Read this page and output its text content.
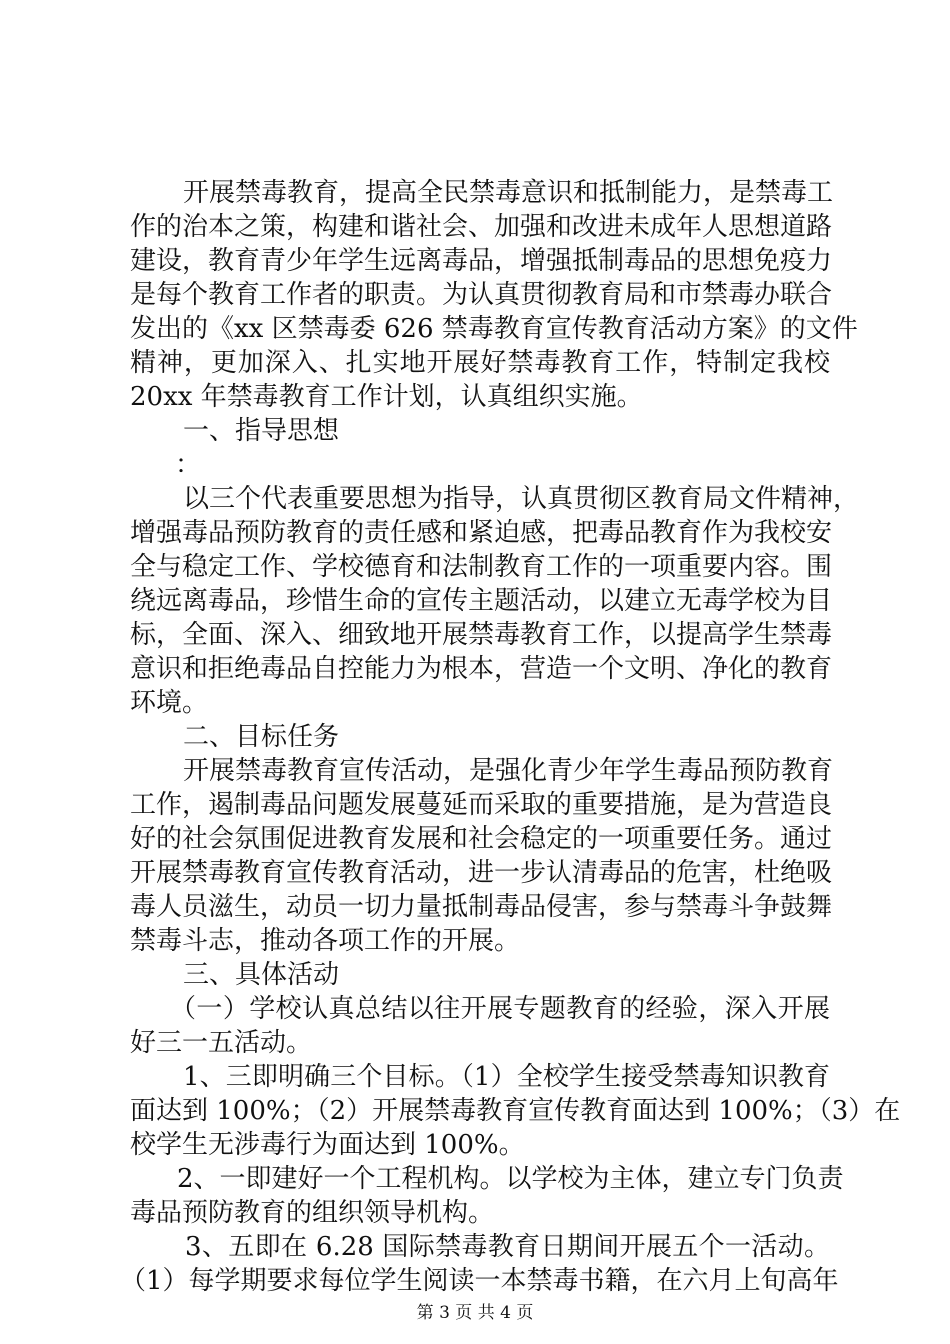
开展禁毒教育，提高全民禁毒意识和抵制能力，是禁毒工
作的治本之策，构建和谐社会、加强和改进未成年人思想道路
建设，教育青少年学生远离毒品，增强抵制毒品的思想免疫力
是每个教育工作者的职责。为认真贯彻教育局和市禁毒办联合
发出的《xx 区禁毒委 626 禁毒教育宣传教育活动方案》的文件
精神，更加深入、扎实地开展好禁毒教育工作，特制定我校
20xx 年禁毒教育工作计划，认真组织实施。
一、指导思想
：
以三个代表重要思想为指导，认真贯彻区教育局文件精神，
增强毒品预防教育的责任感和紧迫感，把毒品教育作为我校安
全与稳定工作、学校德育和法制教育工作的一项重要内容。围
绕远离毒品，珍惜生命的宣传主题活动，以建立无毒学校为目
标，全面、深入、细致地开展禁毒教育工作，以提高学生禁毒
意识和拒绝毒品自控能力为根本，营造一个文明、净化的教育
环境。
二、目标任务
开展禁毒教育宣传活动，是强化青少年学生毒品预防教育
工作，遏制毒品问题发展蔓延而采取的重要措施，是为营造良
好的社会氛围促进教育发展和社会稳定的一项重要任务。通过
开展禁毒教育宣传教育活动，进一步认清毒品的危害，杜绝吸
毒人员滋生，动员一切力量抵制毒品侵害，参与禁毒斗争鼓舞
禁毒斗志，推动各项工作的开展。
三、具体活动
（一）学校认真总结以往开展专题教育的经验，深入开展
好三一五活动。
1、三即明确三个目标。（1）全校学生接受禁毒知识教育
面达到 100%；（2）开展禁毒教育宣传教育面达到 100%；（3）在
校学生无涉毒行为面达到 100%。
2、一即建好一个工程机构。以学校为主体，建立专门负责
毒品预防教育的组织领导机构。
3、五即在 6.28 国际禁毒教育日期间开展五个一活动。
（1）每学期要求每位学生阅读一本禁毒书籍，在六月上旬高年
第 3 页 共 4 页
